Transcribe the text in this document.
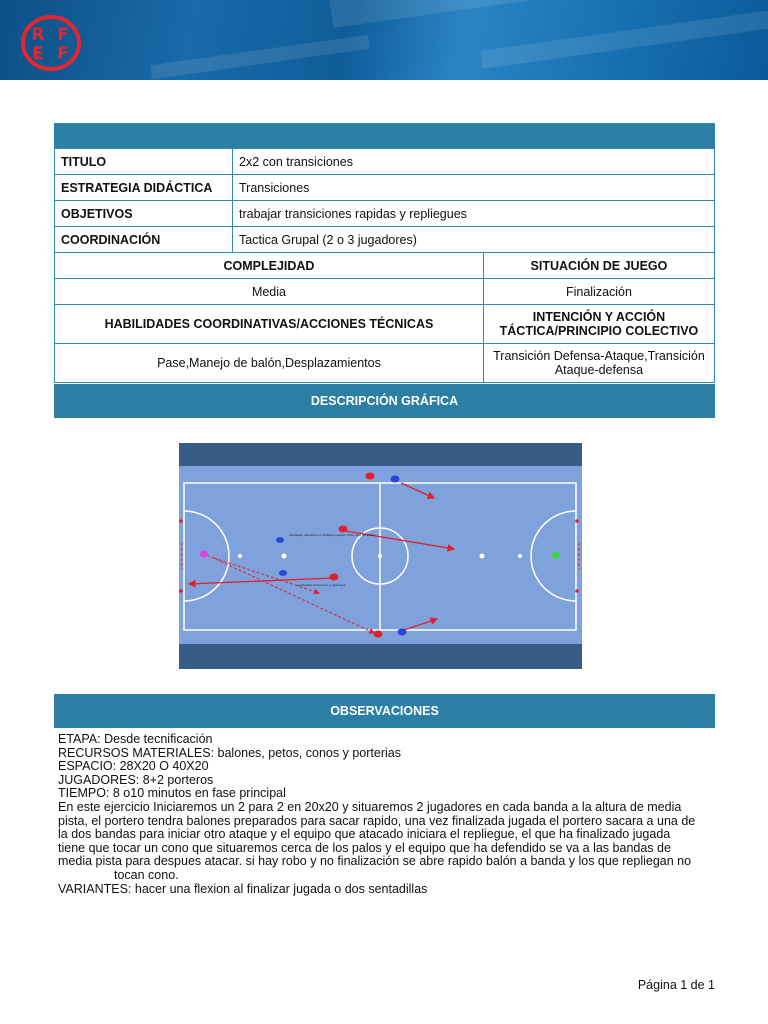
R F
E F

TITULO	2x2 con transiciones	
ESTRATEGIA DIDÁCTICA	Transiciones	
OBJETIVOS	trabajar transiciones rapidas y repliegues	
COORDINACIÓN	Tactica Grupal (2 o 3 jugadores)	
COMPLEJIDAD		SITUACIÓN DE JUEGO
Media		Finalización
HABILIDADES COORDINATIVAS/ACCIONES TÉCNICAS		INTENCIÓN Y ACCIÓN
TÁCTICA/PRINCIPIO COLECTIVO
Pase,Manejo de balón,Desplazamientos		Transición Defensa-Ataque,Transición
Ataque-defensa
DESCRIPCIÓN GRÁFICA
repliegan atacante no finaliza jugada / tras robo de balón
se finaliza transición y repliegue
OBSERVACIONES

ETAPA: Desde tecnificación

RECURSOS MATERIALES: balones, petos, conos y porterias

ESPACIO: 28X20 O 40X20

JUGADORES: 8+2 porteros

TIEMPO: 8 o10 minutos en fase principal

En este ejercicio Iniciaremos un 2 para 2 en 20x20 y situaremos 2 jugadores en cada banda a la altura de media

pista, el portero tendra balones preparados para sacar rapido, una vez finalizada jugada el portero sacara a una de

la dos bandas para iniciar otro ataque y el equipo que atacado iniciara el repliegue, el que ha finalizado jugada

tiene que tocar un cono que situaremos cerca de los palos y el equipo que ha defendido se va a las bandas de

media pista para despues atacar. si hay robo y no finalización se abre rapido balón a banda y los que repliegan no

tocan cono.

VARIANTES: hacer una flexion al finalizar jugada o dos sentadillas

Página 1 de 1
